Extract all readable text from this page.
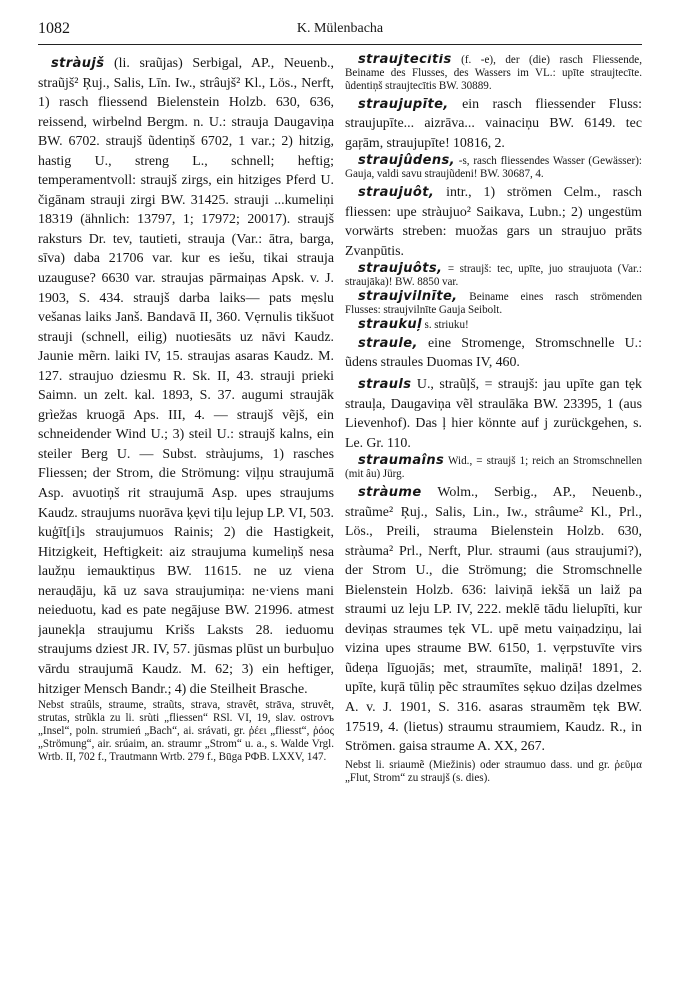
1082	K. Mülenbacha

stràujš (li. sraũjas) Serbigal, AP., Neuenb., straũjš² Ŗuj., Salis, Līn. Iw., strâujš² Kl., Lös., Nerft, 1) rasch fliessend Bielenstein Holzb. 630, 636, reissend, wirbelnd Bergm. n. U.: strauja Daugaviņa BW. 6702. straujš ũdentiņš 6702, 1 var.; 2) hitzig, hastig U., streng L., schnell; heftig; temperamentvoll: straujš zirgs, ein hitziges Pferd U. čigānam strauji zirgi BW. 31425. strauji ...kumeliņi 18319 (ähnlich: 13797, 1; 17972; 20017). straujš raksturs Dr. tev, tautieti, strauja (Var.: ātra, barga, sīva) daba 21706 var. kur es iešu, tikai strauja uzauguse? 6630 var. straujas pārmaiņas Apsk. v. J. 1903, S. 434. straujš darba laiks— pats mẹslu vešanas laiks Janš. Bandavā II, 360. Vẹrnulis tikšuot strauji (schnell, eilig) nuotiesāts uz nāvi Kaudz. Jaunie mẽrn. laiki IV, 15. straujas asaras Kaudz. M. 127. straujuo dziesmu R. Sk. II, 43. strauji prieki Saimn. un zelt. kal. 1893, S. 37. augumi straujāk grìežas kruogā Aps. III, 4. — straujš vẽjš, ein schneidender Wind U.; 3) steil U.: straujš kalns, ein steiler Berg U. — Subst. stràujums, 1) rasches Fliessen; der Strom, die Strömung: viļņu straujumā Asp. avuotiņš rit straujumā Asp. upes straujums Kaudz. straujums nuorāva ķẹvi tiļu lejup LP. VI, 503. kuģīt[i]s straujumuos Rainis; 2) die Hastigkeit, Hitzigkeit, Heftigkeit: aiz straujuma kumeliņš nesa laužņu iemauktiņus BW. 11615. ne uz viena nerauḍāju, kā uz sava straujumiņa: ne·viens mani neieduotu, kad es pate negājuse BW. 21996. atmest jaunekļa straujumu Krišs Laksts 28. ieduomu straujums dziest JR. IV, 57. jūsmas plūst un burbuļuo vārdu straujumā Kaudz. M. 62; 3) ein heftiger, hitziger Mensch Bandr.; 4) die Steilheit Brasche.

Nebst straûls, straume, straũts, strava, stravêt, strāva, struvêt, strutas, strũkla zu li. srùti „fliessen“ RSl. VI, 19, slav. ostrovъ „Insel“, poln. strumień „Bach“, ai. srávati, gr. ῥέει „fliesst“, ῥόος „Strömung“, air. srúaim, an. straumr „Strom“ u. a., s. Walde Vrgl. Wrtb. II, 702 f., Trautmann Wrtb. 279 f., Būga РФВ. LXXV, 147.

straujtecītis (f. -e), der (die) rasch Fliessende, Beiname des Flusses, des Wassers im VL.: upīte straujtecīte. ũdentiņš straujtecītis BW. 30889.

straujupīte, ein rasch fliessender Fluss: straujupīte... aizrāva... vainaciņu BW. 6149. tec gaŗām, straujupīte! 10816, 2.

straujûdens, -s, rasch fliessendes Wasser (Gewässer): Gauja, valdi savu straujũdeni! BW. 30687, 4.

straujuôt, intr., 1) strömen Celm., rasch fliessen: upe stràujuo² Saikava, Lubn.; 2) ungestüm vorwärts streben: muožas gars un straujuo prāts Zvanpūtis.

straujuôts, = straujš: tec, upīte, juo straujuota (Var.: straujāka)! BW. 8850 var.

straujvilnīte, Beiname eines rasch strömenden Flusses: straujvilnīte Gauja Seibolt.

straukuļ s. striuku!

straule, eine Stromenge, Stromschnelle U.: ũdens straules Duomas IV, 460.

strauls U., straũļš, = straujš: jau upīte gan tẹk strauļa, Daugaviņa vẽl straulāka BW. 23395, 1 (aus Lievenhof). Das ļ hier könnte auf j zurückgehen, s. Le. Gr. 110.

straumaîns Wid., = straujš 1; reich an Stromschnellen (mit âu) Jürg.

stràume Wolm., Serbig., AP., Neuenb., straũme² Ŗuj., Salis, Lin., Iw., strâume² Kl., Prl., Lös., Preili, strauma Bielenstein Holzb. 630, stràuma² Prl., Nerft, Plur. straumi (aus straujumi?), der Strom U., die Strömung; die Stromschnelle Bielenstein Holzb. 636: laiviņā iekšā un laiž pa straumi uz leju LP. IV, 222. meklē tādu lielupīti, kur deviņas straumes tẹk VL. upē metu vaiņadziņu, lai vizina upes straume BW. 6150, 1. vẹrpstuvīte virs ũdeņa līguojās; met, straumīte, maliņā! 1891, 2. upīte, kuŗā tūliņ pẽc straumītes sẹkuo dziļas dzelmes A. v. J. 1901, S. 316. asaras straumẽm tẹk BW. 17519, 4. (lietus) straumu straumiem, Kaudz. R., in Strömen. gaisa straume A. XX, 267.

Nebst li. sriaumẽ (Miežinis) oder straumuo dass. und gr. ῥεῦμα „Flut, Strom“ zu straujš (s. dies).
